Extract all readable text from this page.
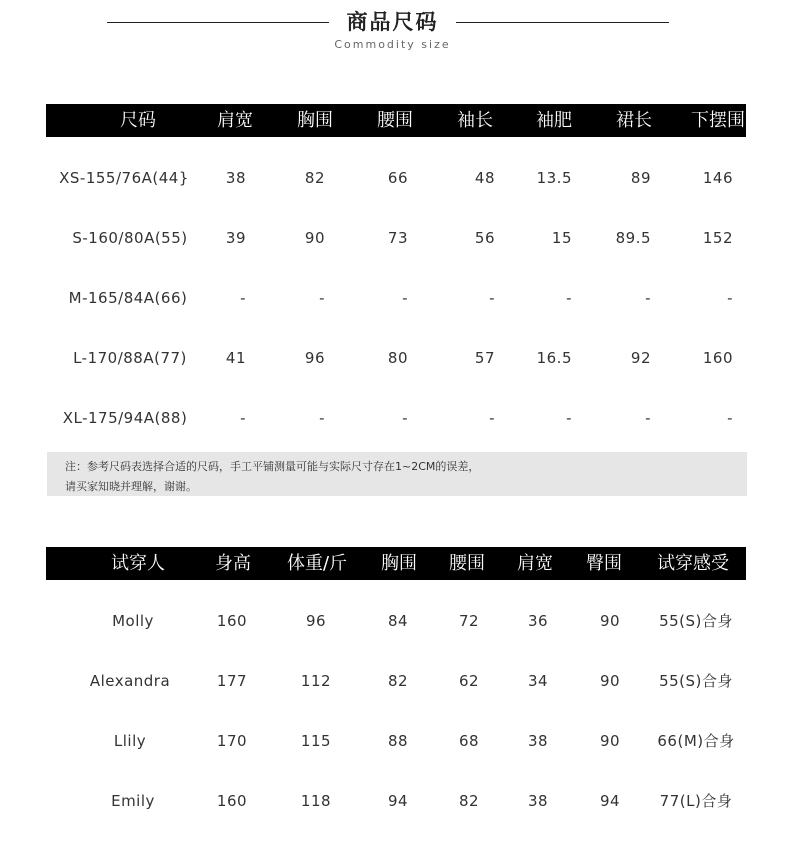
商品尺码
Commodity size
尺码	肩宽 胸围 腰围 袖长 袖肥 裙长 下摆围
XS-155/76A(44} 38	82	66	48	13.5	89	146
S-160/80A(55)	39	90	73	56	15	89.5	152
M-165/84A(66)	-	-	-	-	-	-	-
L-170/88A(77)	41	96	80	57	16.5	92	160
XL-175/94A(88)	-	-	-	-	-	-	-

注：参考尺码表选择合适的尺码，手工平铺测量可能与实际尺寸存在1~2CM的误差，

请买家知晓并理解，谢谢。

试穿人	身高 体重/斤 胸围 腰围 肩宽 臀围 试穿感受
Molly	160	96	84	72	36	90	55(S)合身
Alexandra	177	112	82	62	34	90	55(S)合身
Llily	170	115	88	68	38	90 66(M)合身
Emily	160	118	94	82	38	94	77(L)合身
